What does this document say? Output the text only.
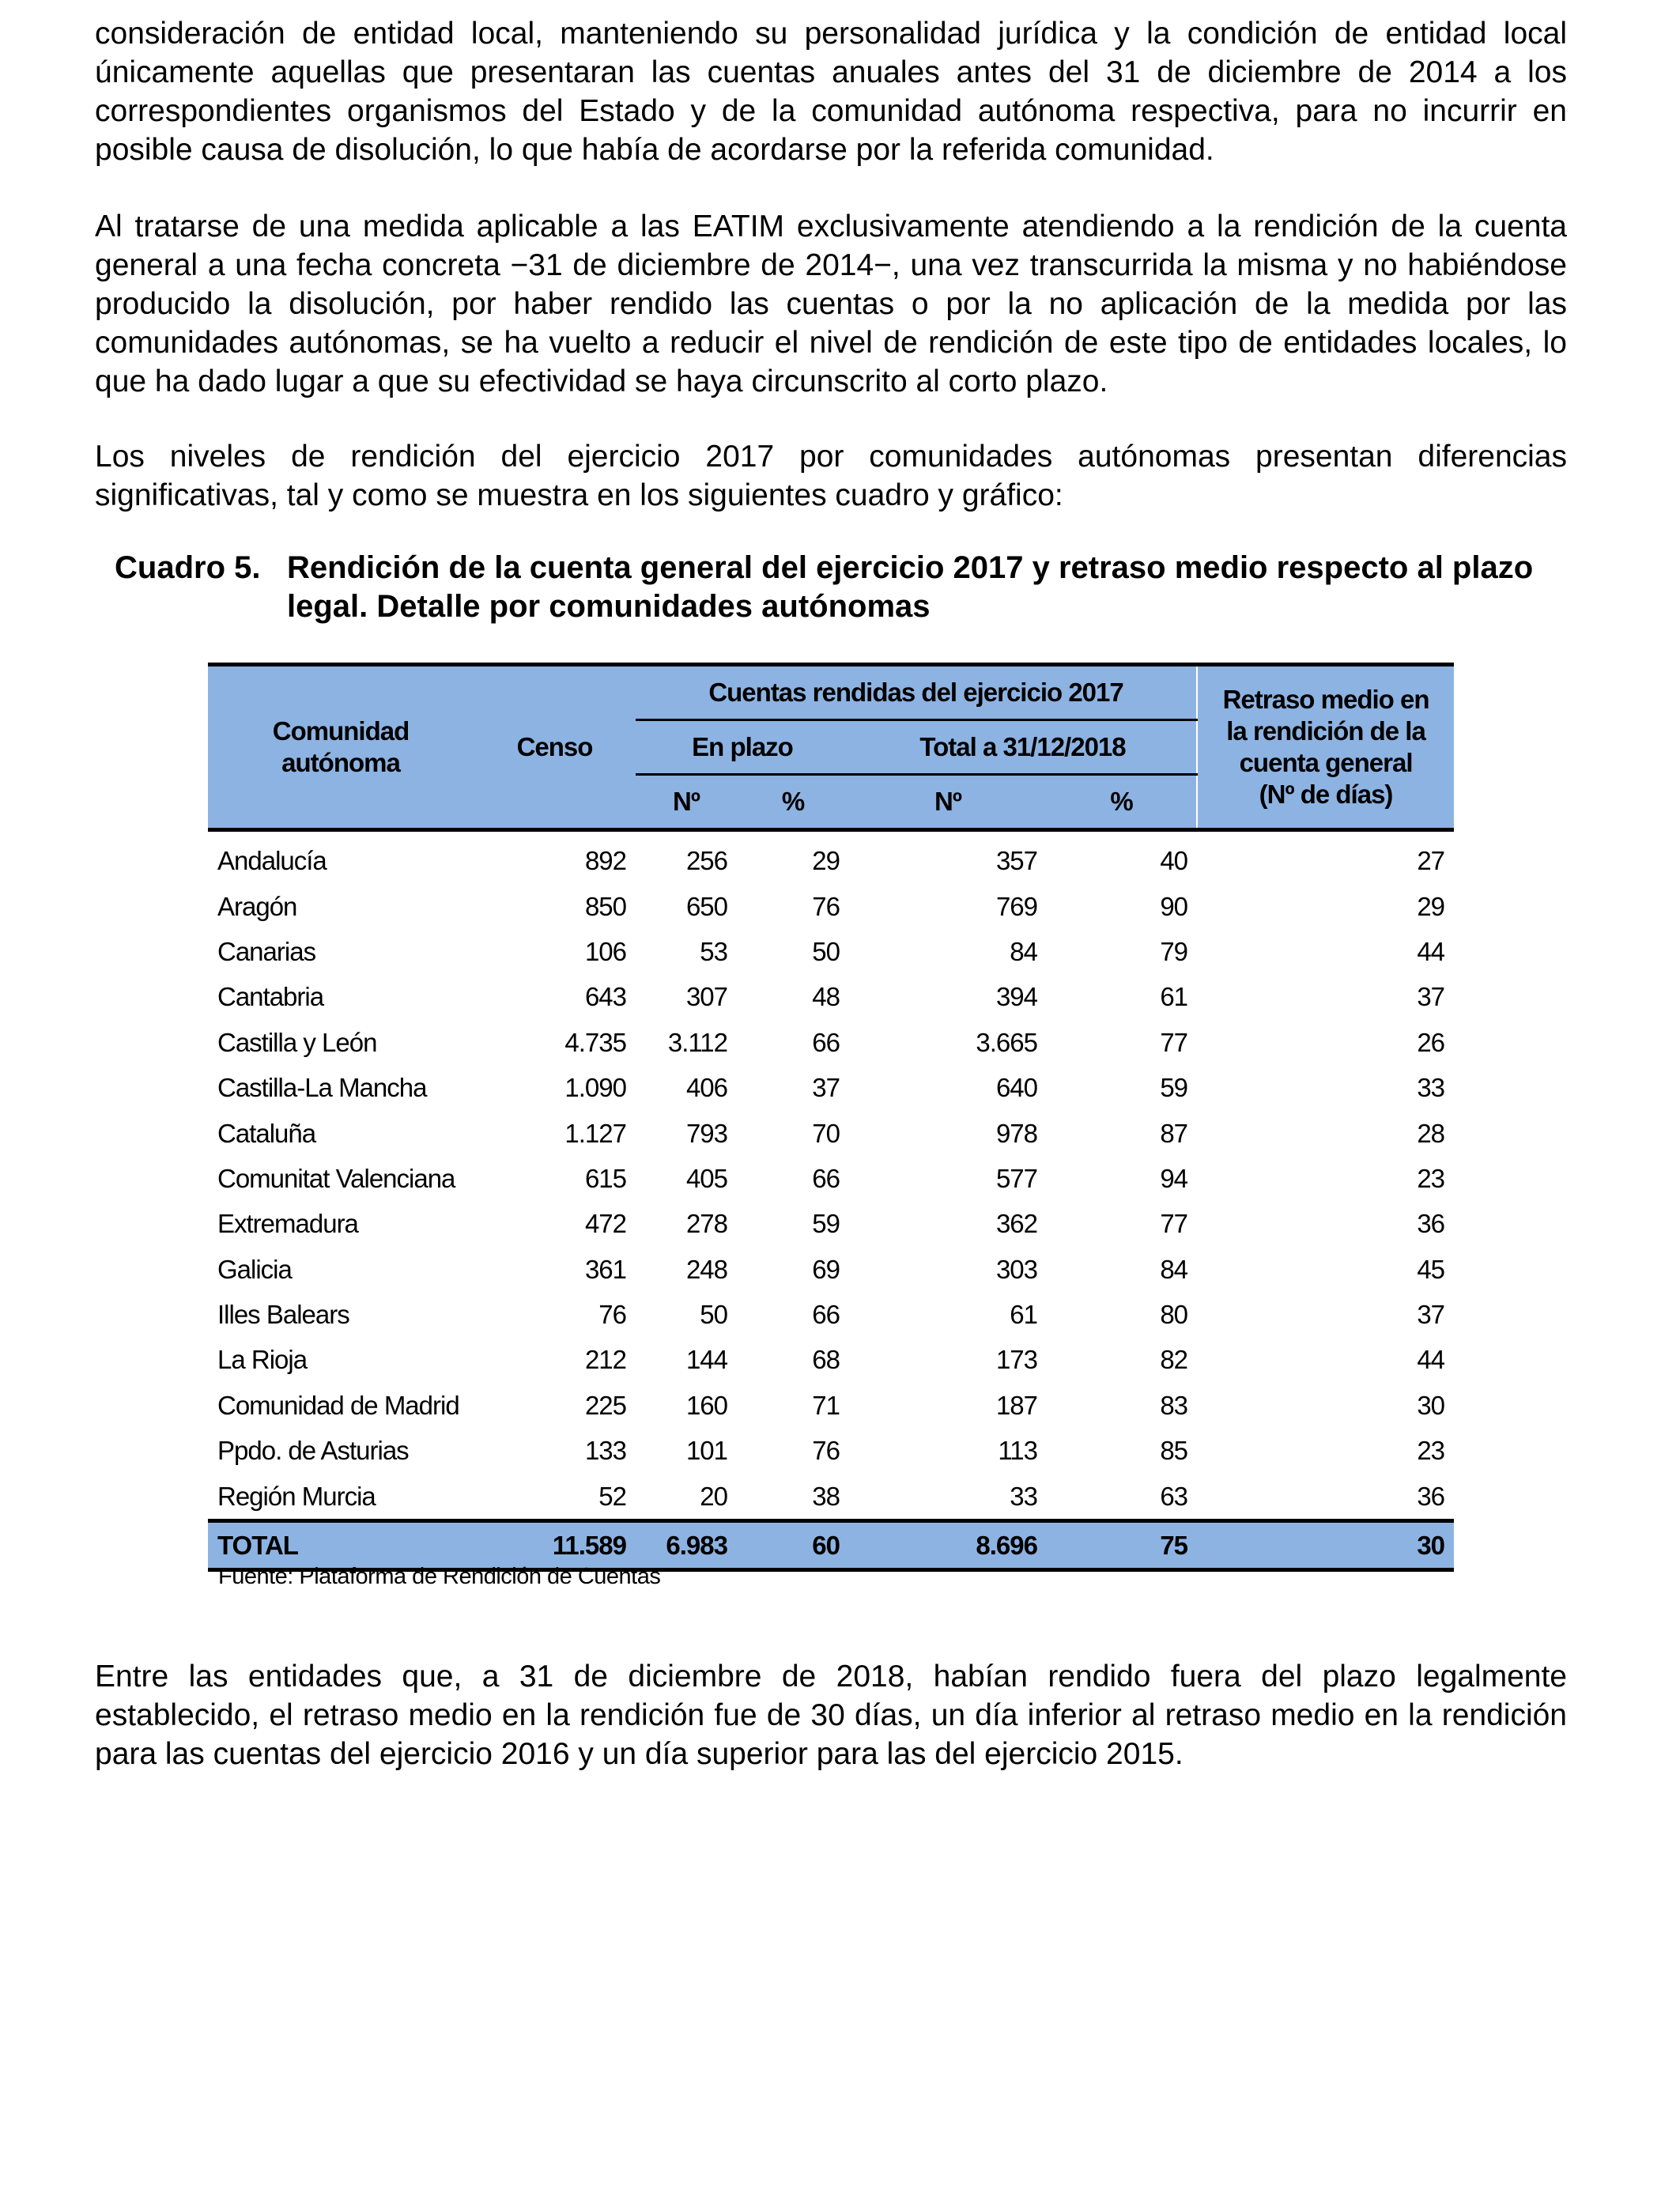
consideración de entidad local, manteniendo su personalidad jurídica y la condición de entidad local únicamente aquellas que presentaran las cuentas anuales antes del 31 de diciembre de 2014 a los correspondientes organismos del Estado y de la comunidad autónoma respectiva, para no incurrir en posible causa de disolución, lo que había de acordarse por la referida comunidad.

Al tratarse de una medida aplicable a las EATIM exclusivamente atendiendo a la rendición de la cuenta general a una fecha concreta −31 de diciembre de 2014−, una vez transcurrida la misma y no habiéndose producido la disolución, por haber rendido las cuentas o por la no aplicación de la medida por las comunidades autónomas, se ha vuelto a reducir el nivel de rendición de este tipo de entidades locales, lo que ha dado lugar a que su efectividad se haya circunscrito al corto plazo.

Los niveles de rendición del ejercicio 2017 por comunidades autónomas presentan diferencias significativas, tal y como se muestra en los siguientes cuadro y gráfico:

Cuadro 5. Rendición de la cuenta general del ejercicio 2017 y retraso medio respecto al plazo legal. Detalle por comunidades autónomas
Comunidad autónoma	Censo	Cuentas rendidas del ejercicio 2017				Retraso medio en la rendición de la cuenta general (Nº de días)

		En plazo		Total a 31/12/2018		
		Nº	%	Nº	%	
Andalucía	892	256	29	357	40	27
Aragón	850	650	76	769	90	29
Canarias	106	53	50	84	79	44
Cantabria	643	307	48	394	61	37
Castilla y León	4.735	3.112	66	3.665	77	26
Castilla-La Mancha	1.090	406	37	640	59	33
Cataluña	1.127	793	70	978	87	28
Comunitat Valenciana	615	405	66	577	94	23
Extremadura	472	278	59	362	77	36
Galicia	361	248	69	303	84	45
Illes Balears	76	50	66	61	80	37
La Rioja	212	144	68	173	82	44
Comunidad de Madrid	225	160	71	187	83	30
Ppdo. de Asturias	133	101	76	113	85	23
Región Murcia	52	20	38	33	63	36
TOTAL	11.589	6.983	60	8.696	75	30
Fuente: Plataforma de Rendición de Cuentas

Entre las entidades que, a 31 de diciembre de 2018, habían rendido fuera del plazo legalmente establecido, el retraso medio en la rendición fue de 30 días, un día inferior al retraso medio en la rendición para las cuentas del ejercicio 2016 y un día superior para las del ejercicio 2015.
